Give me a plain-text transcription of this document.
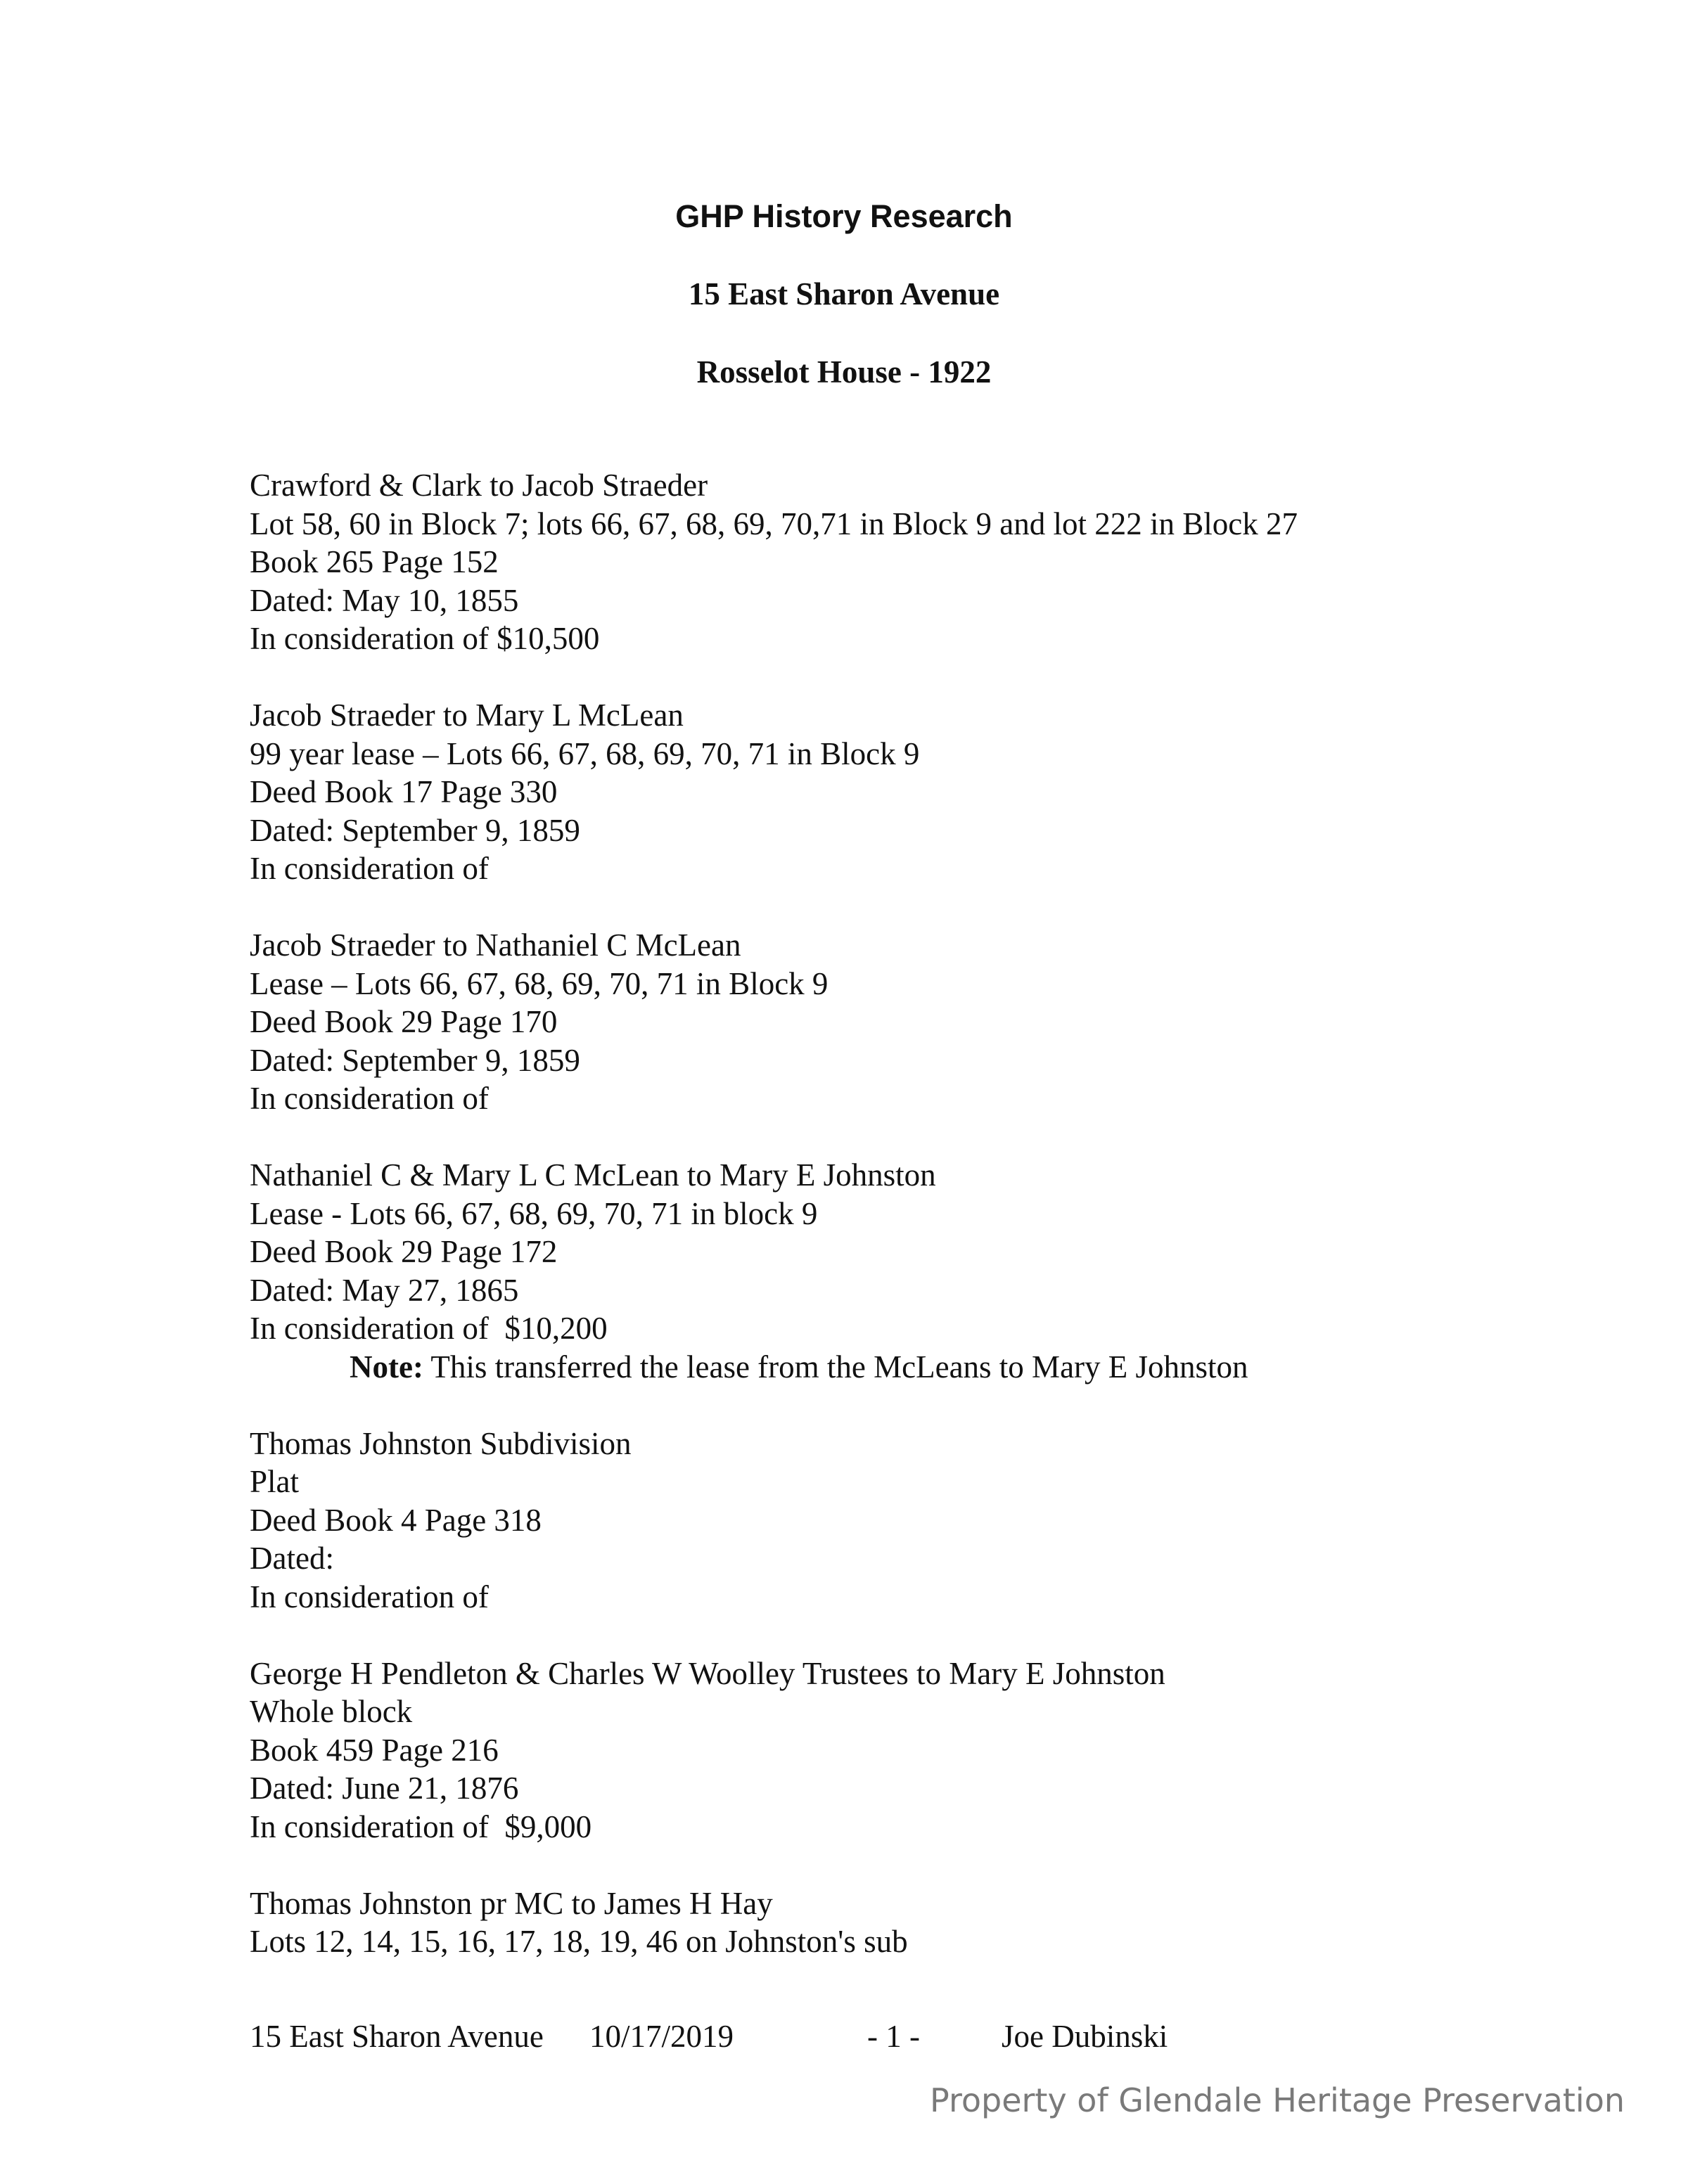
GHP History Research
15 East Sharon Avenue
Rosselot House - 1922
Crawford & Clark to Jacob Straeder
Lot 58, 60 in Block 7; lots 66, 67, 68, 69, 70,71 in Block 9 and lot 222 in Block 27
Book 265 Page 152
Dated: May 10, 1855
In consideration of $10,500
Jacob Straeder to Mary L McLean
99 year lease – Lots 66, 67, 68, 69, 70, 71 in Block 9
Deed Book 17 Page 330
Dated: September 9, 1859
In consideration of
Jacob Straeder to Nathaniel C McLean
Lease – Lots 66, 67, 68, 69, 70, 71 in Block 9
Deed Book 29 Page 170
Dated: September 9, 1859
In consideration of
Nathaniel C & Mary L C McLean to Mary E Johnston
Lease - Lots 66, 67, 68, 69, 70, 71 in block 9
Deed Book 29 Page 172
Dated: May 27, 1865
In consideration of  $10,200
Note: This transferred the lease from the McLeans to Mary E Johnston
Thomas Johnston Subdivision
Plat
Deed Book 4 Page 318
Dated:
In consideration of
George H Pendleton & Charles W Woolley Trustees to Mary E Johnston
Whole block
Book 459 Page 216
Dated: June 21, 1876
In consideration of  $9,000
Thomas Johnston pr MC to James H Hay
Lots 12, 14, 15, 16, 17, 18, 19, 46 on Johnston's sub
15 East Sharon Avenue 10/17/2019	- 1 -	Joe Dubinski
Property of Glendale Heritage Preservation
